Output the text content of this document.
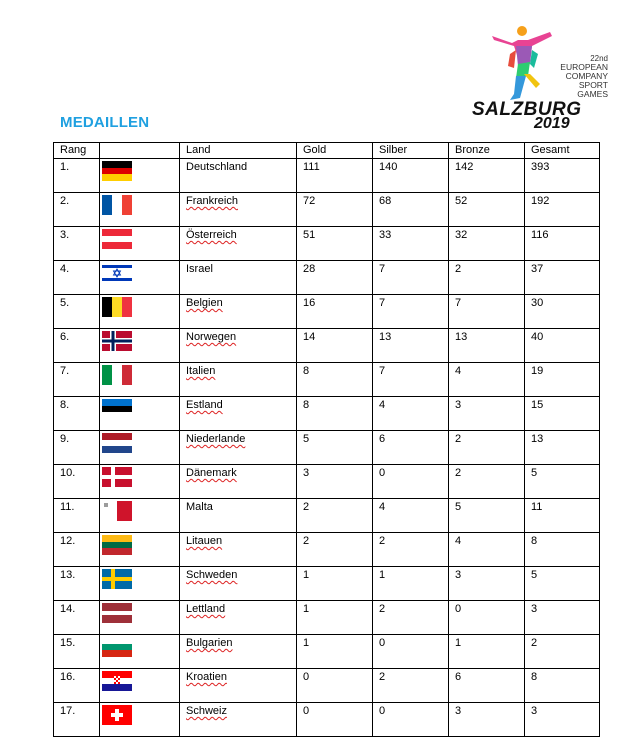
MEDAILLEN
22nd
EUROPEAN
COMPANY
SPORT GAMES
SALZBURG
2019
Rang		Land	Gold	Silber	Bronze	Gesamt
1.		Deutschland	111	140	142	393
2.		Frankreich	72	68	52	192
3.		Österreich	51	33	32	116
4.		Israel	28	7	2	37
5.		Belgien	16	7	7	30
6.		Norwegen	14	13	13	40
7.		Italien	8	7	4	19
8.		Estland	8	4	3	15
9.		Niederlande	5	6	2	13
10.		Dänemark	3	0	2	5
11.		Malta	2	4	5	11
12.		Litauen	2	2	4	8
13.		Schweden	1	1	3	5
14.		Lettland	1	2	0	3
15.		Bulgarien	1	0	1	2
16.		Kroatien	0	2	6	8
17.		Schweiz	0	0	3	3
